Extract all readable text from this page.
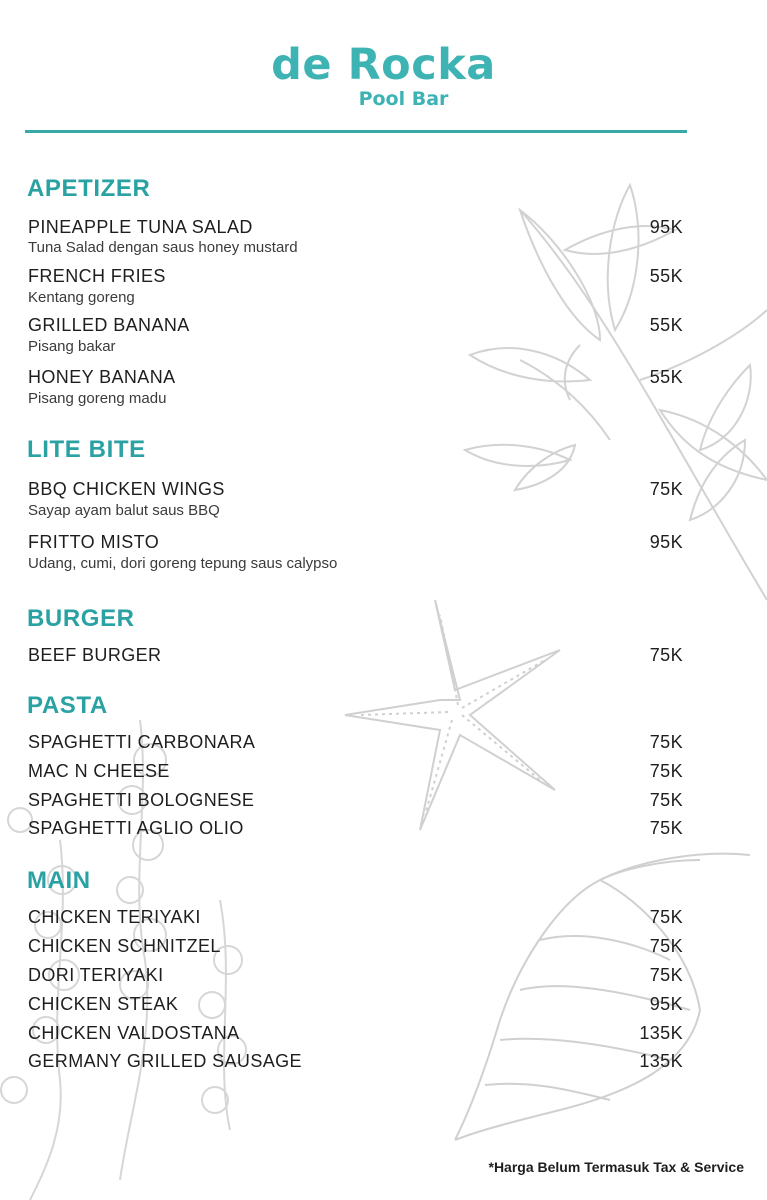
de Rocka
Pool Bar
APETIZER
PINEAPPLE TUNA SALAD	95K
Tuna Salad dengan saus honey mustard
FRENCH FRIES	55K
Kentang goreng
GRILLED BANANA	55K
Pisang bakar
HONEY BANANA	55K
Pisang goreng madu
LITE BITE
BBQ CHICKEN WINGS	75K
Sayap ayam balut saus BBQ
FRITTO MISTO	95K
Udang, cumi, dori goreng tepung saus calypso
BURGER
BEEF BURGER	75K
PASTA
SPAGHETTI CARBONARA	75K
MAC N CHEESE	75K
SPAGHETTI BOLOGNESE	75K
SPAGHETTI AGLIO OLIO	75K
MAIN
CHICKEN TERIYAKI	75K
CHICKEN SCHNITZEL	75K
DORI TERIYAKI	75K
CHICKEN STEAK	95K
CHICKEN VALDOSTANA	135K
GERMANY GRILLED SAUSAGE	135K
*Harga Belum Termasuk Tax & Service
